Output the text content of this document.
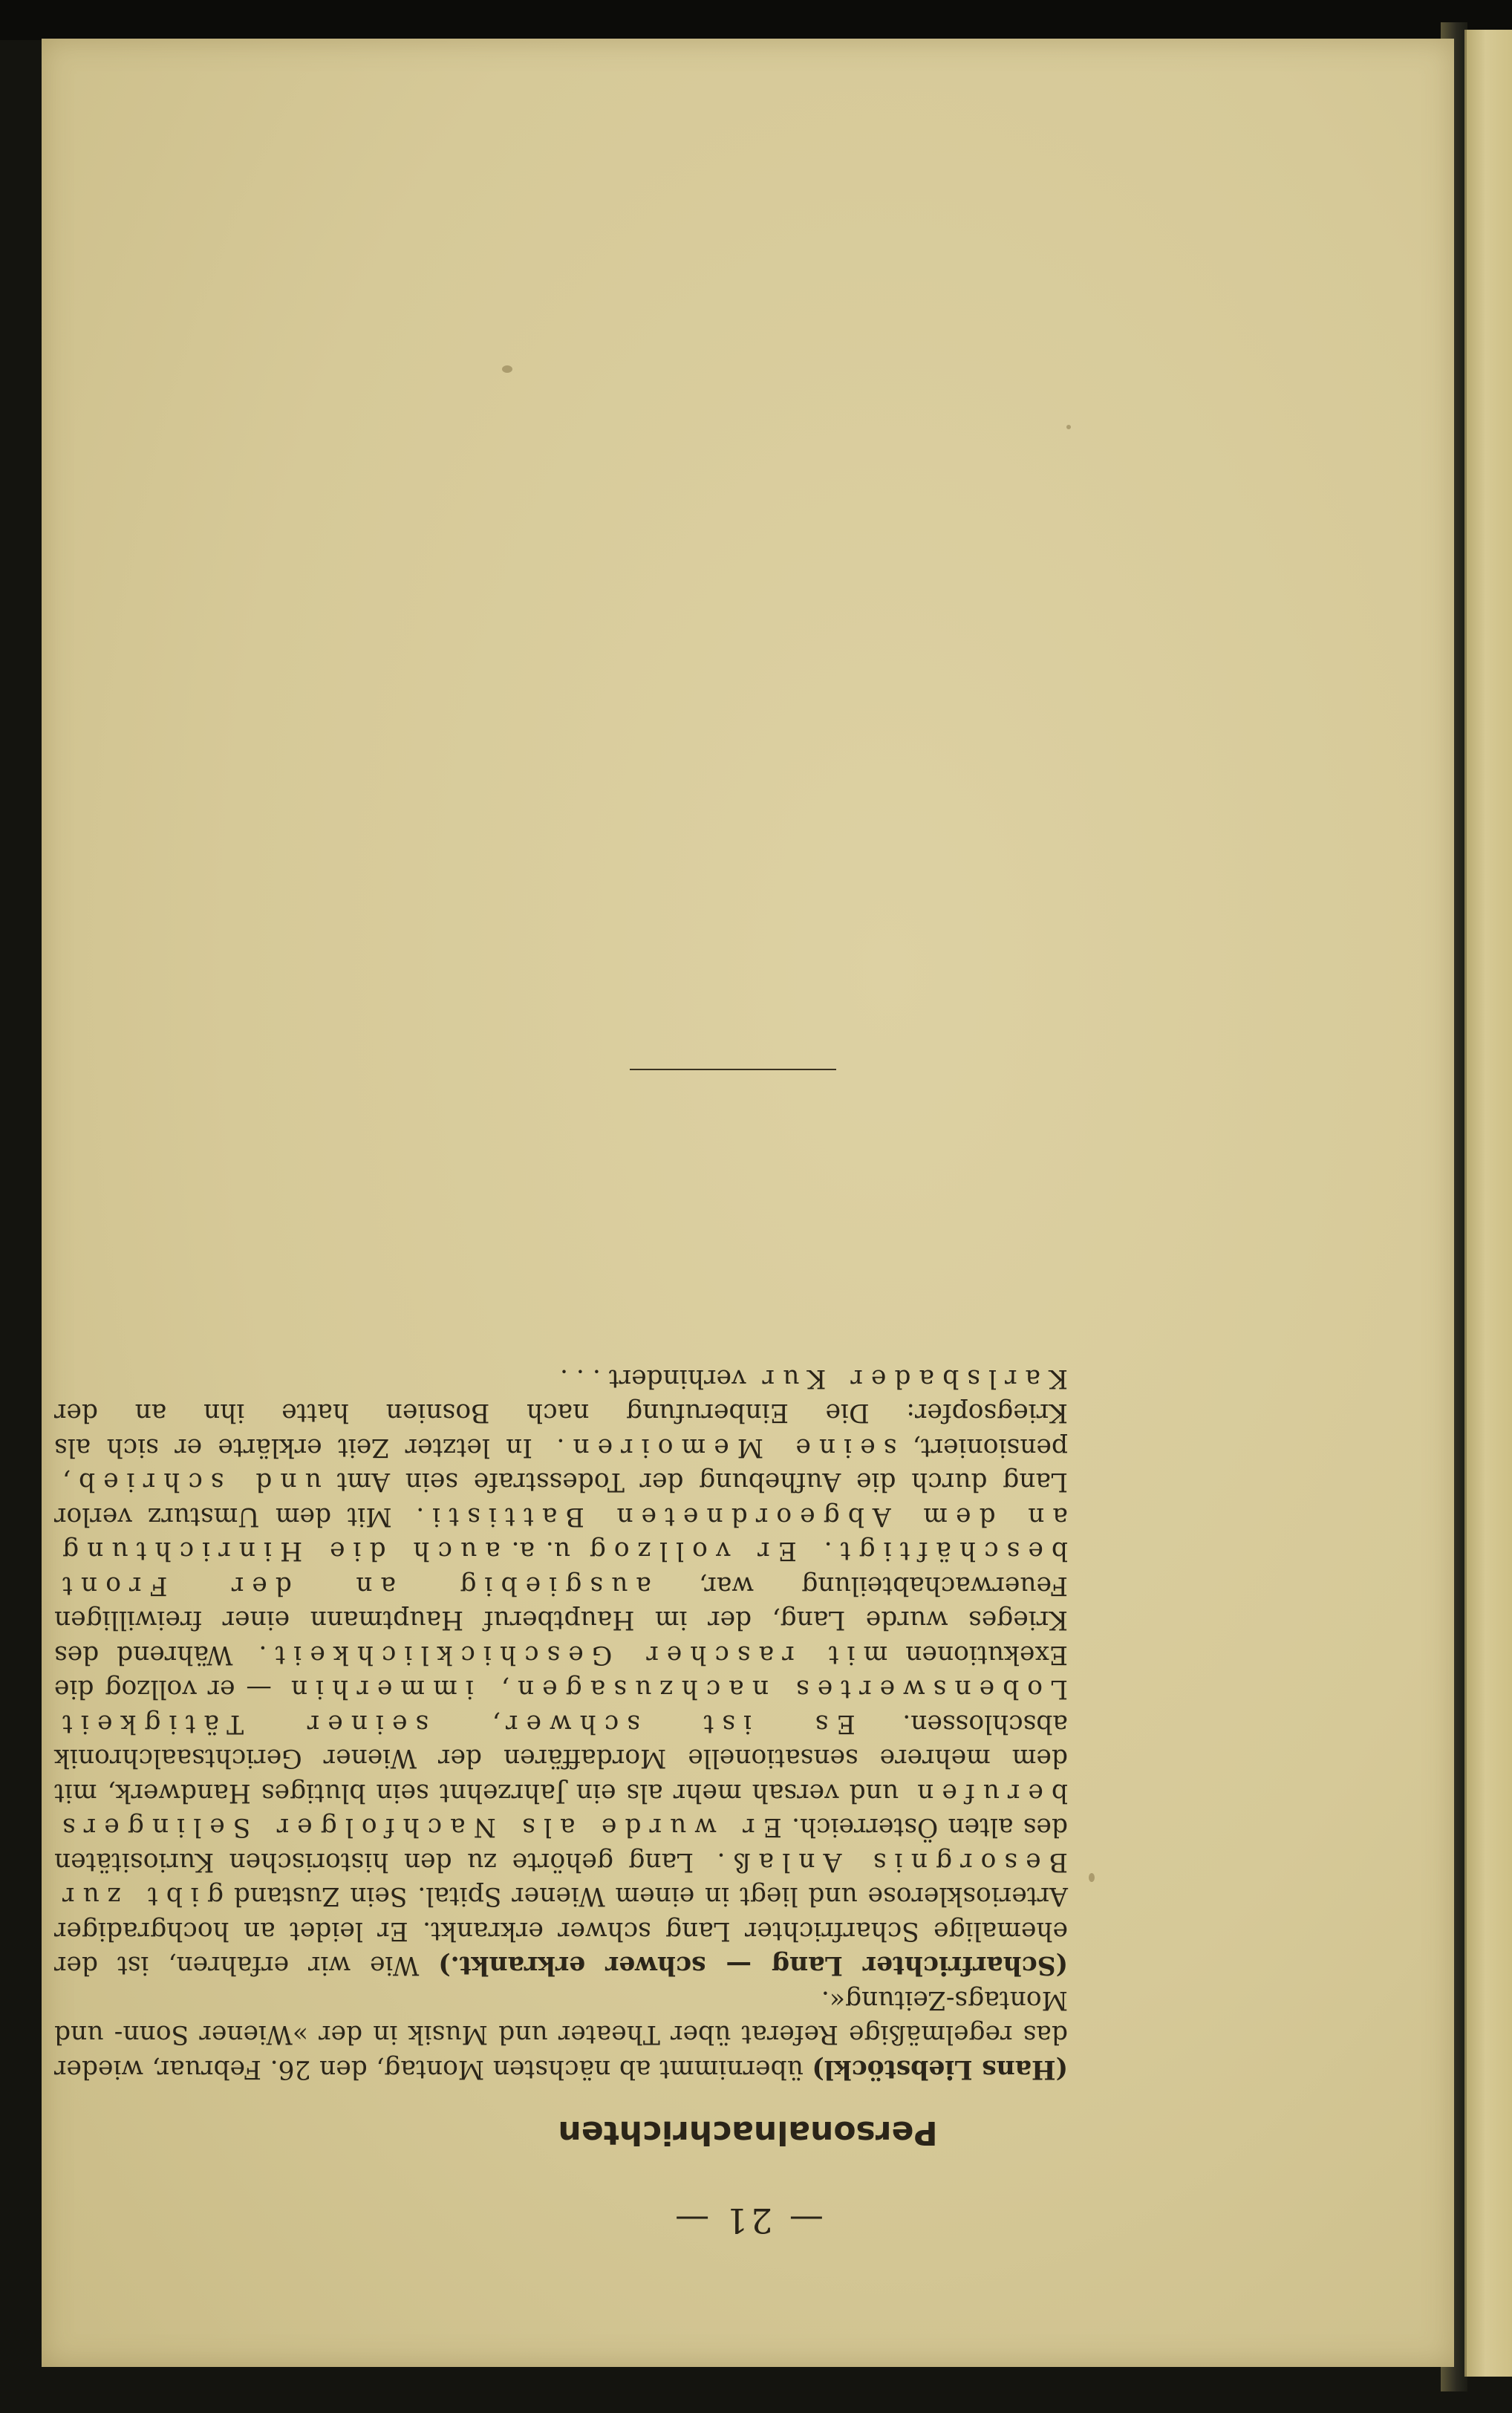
— 21 —
Personalnachrichten

(Hans Liebstöckl) übernimmt ab nächsten Montag, den 26. Februar, wieder das regelmäßige Referat über Theater und Musik in der »Wiener Sonn- und Montags-Zeitung«.

(Scharfrichter Lang — schwer erkrankt.) Wie wir erfahren, ist der ehemalige Scharfrichter Lang schwer erkrankt. Er leidet an hochgradiger Arteriosklerose und liegt in einem Wiener Spital. Sein Zustand gibt zur Besorgnis Anlaß. Lang gehörte zu den historischen Kuriositäten des alten Österreich. Er wurde als Nachfolger Selingers berufen und versah mehr als ein Jahrzehnt sein blutiges Handwerk, mit dem mehrere sensationelle Mordaffären der Wiener Gerichtsaalchronik abschlossen. Es ist schwer, seiner Tätigkeit Lobenswertes nachzusagen, immerhin — er vollzog die Exekutionen mit rascher Geschicklichkeit. Während des Krieges wurde Lang, der im Hauptberuf Hauptmann einer freiwilligen Feuerwachabteilung war, ausgiebig an der Front beschäftigt. Er vollzog u. a. auch die Hinrichtung an dem Abgeordneten Battisti. Mit dem Umsturz verlor Lang durch die Aufhebung der Todesstrafe sein Amt und schrieb, pensioniert, seine Memoiren. In letzter Zeit erklärte er sich als Kriegsopfer: Die Einberufung nach Bosnien hatte ihn an der Karlsbader Kur verhindert . . .
